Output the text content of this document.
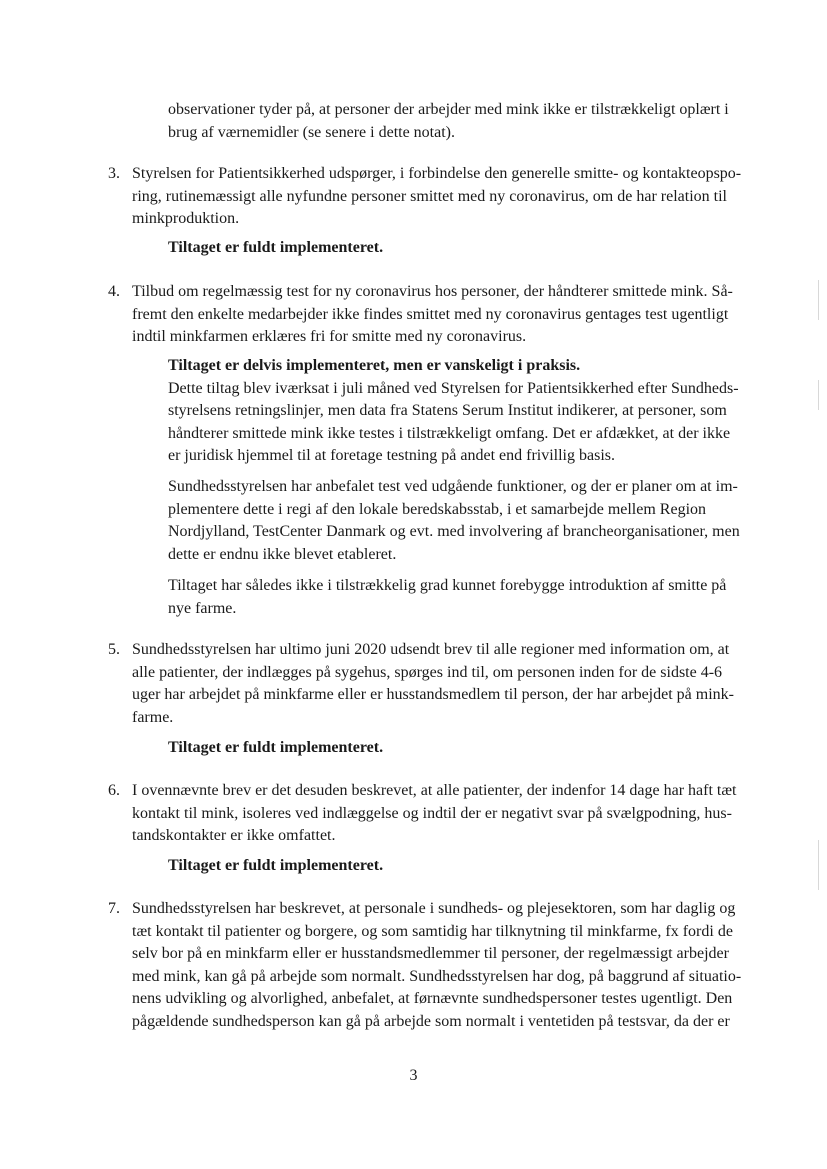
observationer tyder på, at personer der arbejder med mink ikke er tilstrækkeligt oplært i
brug af værnemidler (se senere i dette notat).
3. Styrelsen for Patientsikkerhed udspørger, i forbindelse den generelle smitte- og kontakteopspo-
ring, rutinemæssigt alle nyfundne personer smittet med ny coronavirus, om de har relation til
minkproduktion.
Tiltaget er fuldt implementeret.
4. Tilbud om regelmæssig test for ny coronavirus hos personer, der håndterer smittede mink. Så-
fremt den enkelte medarbejder ikke findes smittet med ny coronavirus gentages test ugentligt
indtil minkfarmen erklæres fri for smitte med ny coronavirus.
Tiltaget er delvis implementeret, men er vanskeligt i praksis.
Dette tiltag blev iværksat i juli måned ved Styrelsen for Patientsikkerhed efter Sundheds-
styrelsens retningslinjer, men data fra Statens Serum Institut indikerer, at personer, som
håndterer smittede mink ikke testes i tilstrækkeligt omfang. Det er afdækket, at der ikke
er juridisk hjemmel til at foretage testning på andet end frivillig basis.
Sundhedsstyrelsen har anbefalet test ved udgående funktioner, og der er planer om at im-
plementere dette i regi af den lokale beredskabsstab, i et samarbejde mellem Region
Nordjylland, TestCenter Danmark og evt. med involvering af brancheorganisationer, men
dette er endnu ikke blevet etableret.
Tiltaget har således ikke i tilstrækkelig grad kunnet forebygge introduktion af smitte på
nye farme.
5. Sundhedsstyrelsen har ultimo juni 2020 udsendt brev til alle regioner med information om, at
alle patienter, der indlægges på sygehus, spørges ind til, om personen inden for de sidste 4-6
uger har arbejdet på minkfarme eller er husstandsmedlem til person, der har arbejdet på mink-
farme.
Tiltaget er fuldt implementeret.
6. I ovennævnte brev er det desuden beskrevet, at alle patienter, der indenfor 14 dage har haft tæt
kontakt til mink, isoleres ved indlæggelse og indtil der er negativt svar på svælgpodning, hus-
tandskontakter er ikke omfattet.
Tiltaget er fuldt implementeret.
7. Sundhedsstyrelsen har beskrevet, at personale i sundheds- og plejesektoren, som har daglig og
tæt kontakt til patienter og borgere, og som samtidig har tilknytning til minkfarme, fx fordi de
selv bor på en minkfarm eller er husstandsmedlemmer til personer, der regelmæssigt arbejder
med mink, kan gå på arbejde som normalt. Sundhedsstyrelsen har dog, på baggrund af situatio-
nens udvikling og alvorlighed, anbefalet, at førnævnte sundhedspersoner testes ugentligt. Den
pågældende sundhedsperson kan gå på arbejde som normalt i ventetiden på testsvar, da der er
3
